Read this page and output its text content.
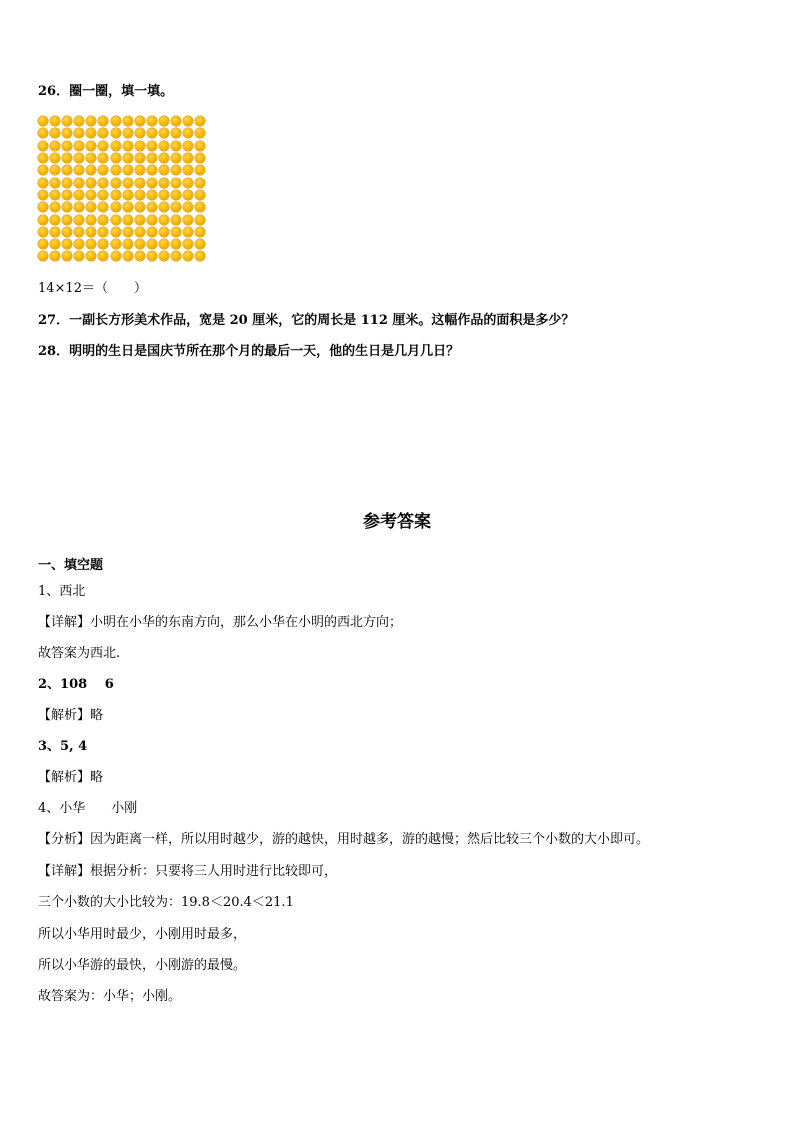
26．圈一圈，填一填。
14×12＝（　　）
27．一副长方形美术作品，宽是 20 厘米，它的周长是 112 厘米。这幅作品的面积是多少？
28．明明的生日是国庆节所在那个月的最后一天，他的生日是几月几日？
参考答案
一、填空题
1、西北
【详解】小明在小华的东南方向，那么小华在小明的西北方向；
故答案为西北.
2、108　 6
【解析】略
3、5, 4
【解析】略
4、小华　　小刚
【分析】因为距离一样，所以用时越少，游的越快，用时越多，游的越慢；然后比较三个小数的大小即可。
【详解】根据分析：只要将三人用时进行比较即可，
三个小数的大小比较为：19.8＜20.4＜21.1
所以小华用时最少，小刚用时最多，
所以小华游的最快，小刚游的最慢。
故答案为：小华；小刚。
